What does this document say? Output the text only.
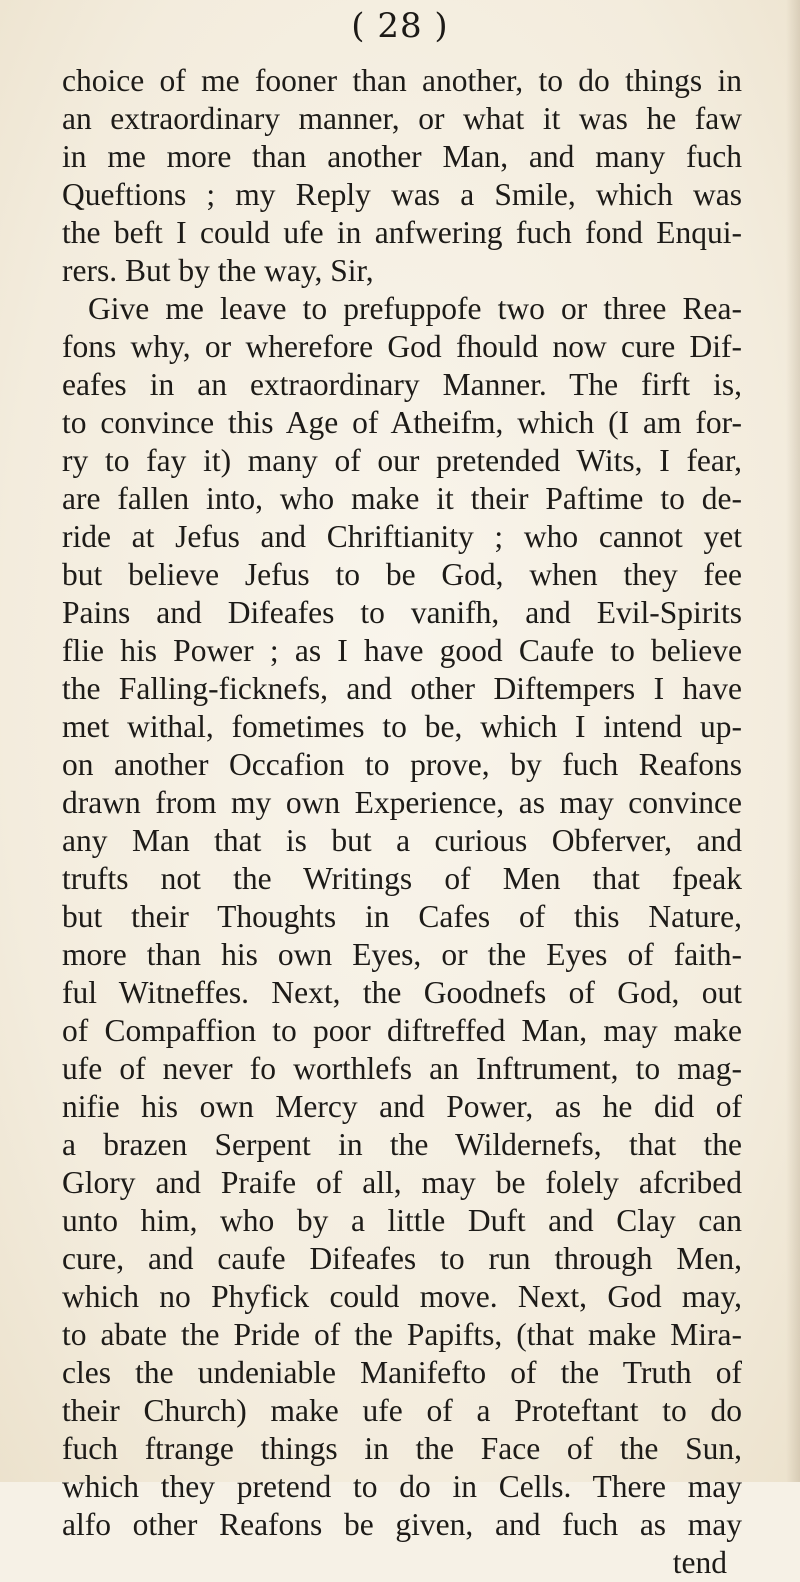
( 28 )
choice of me fooner than another, to do things in
an extraordinary manner, or what it was he faw
in me more than another Man, and many fuch
Queftions ; my Reply was a Smile, which was
the beft I could ufe in anfwering fuch fond Enqui-
rers. But by the way, Sir,
Give me leave to prefuppofe two or three Rea-
fons why, or wherefore God fhould now cure Dif-
eafes in an extraordinary Manner. The firft is,
to convince this Age of Atheifm, which (I am for-
ry to fay it) many of our pretended Wits, I fear,
are fallen into, who make it their Paftime to de-
ride at Jefus and Chriftianity ; who cannot yet
but believe Jefus to be God, when they fee
Pains and Difeafes to vanifh, and Evil-Spirits
flie his Power ; as I have good Caufe to believe
the Falling-ficknefs, and other Diftempers I have
met withal, fometimes to be, which I intend up-
on another Occafion to prove, by fuch Reafons
drawn from my own Experience, as may convince
any Man that is but a curious Obferver, and
trufts not the Writings of Men that fpeak
but their Thoughts in Cafes of this Nature,
more than his own Eyes, or the Eyes of faith-
ful Witneffes. Next, the Goodnefs of God, out
of Compaffion to poor diftreffed Man, may make
ufe of never fo worthlefs an Inftrument, to mag-
nifie his own Mercy and Power, as he did of
a brazen Serpent in the Wildernefs, that the
Glory and Praife of all, may be folely afcribed
unto him, who by a little Duft and Clay can
cure, and caufe Difeafes to run through Men,
which no Phyfick could move. Next, God may,
to abate the Pride of the Papifts, (that make Mira-
cles the undeniable Manifefto of the Truth of
their Church) make ufe of a Proteftant to do
fuch ftrange things in the Face of the Sun,
which they pretend to do in Cells. There may
alfo other Reafons be given, and fuch as may
tend
